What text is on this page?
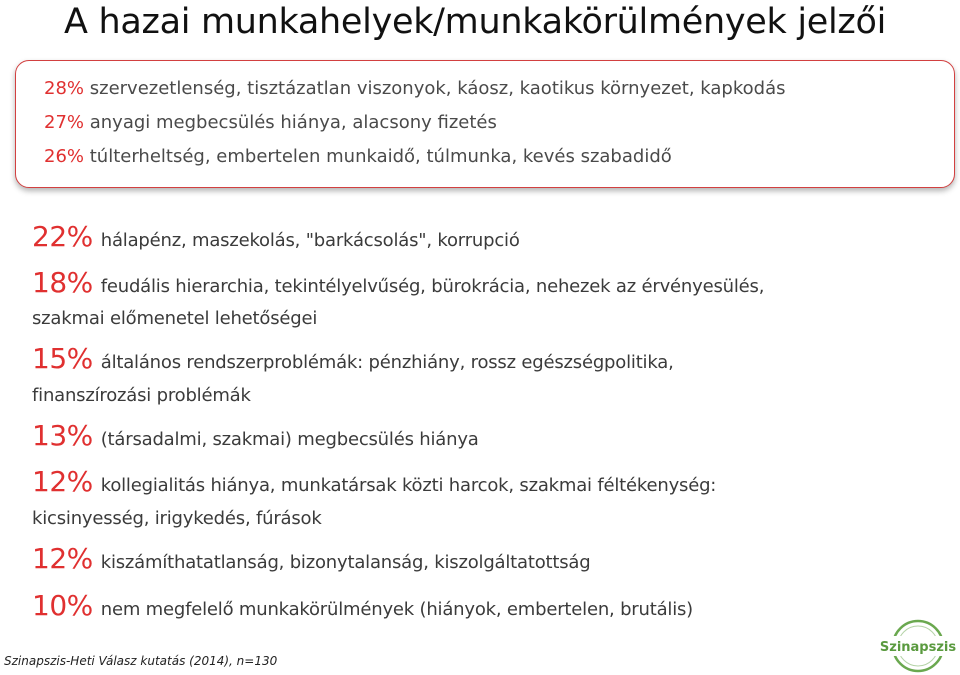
A hazai munkahelyek/munkakörülmények jelzői
28% szervezetlenség, tisztázatlan viszonyok, káosz, kaotikus környezet, kapkodás
27% anyagi megbecsülés hiánya, alacsony fizetés
26% túlterheltség, embertelen munkaidő, túlmunka, kevés szabadidő
22% hálapénz, maszekolás, "barkácsolás", korrupció
18% feudális hierarchia, tekintélyelvűség, bürokrácia, nehezek az érvényesülés,
szakmai előmenetel lehetőségei
15% általános rendszerproblémák: pénzhiány, rossz egészségpolitika,
finanszírozási problémák
13% (társadalmi, szakmai) megbecsülés hiánya
12% kollegialitás hiánya, munkatársak közti harcok, szakmai féltékenység:
kicsinyesség, irigykedés, fúrások
12% kiszámíthatatlanság, bizonytalanság, kiszolgáltatottság
10% nem megfelelő munkakörülmények (hiányok, embertelen, brutális)
Szinapszis-Heti Válasz kutatás (2014), n=130
Szinapszis
